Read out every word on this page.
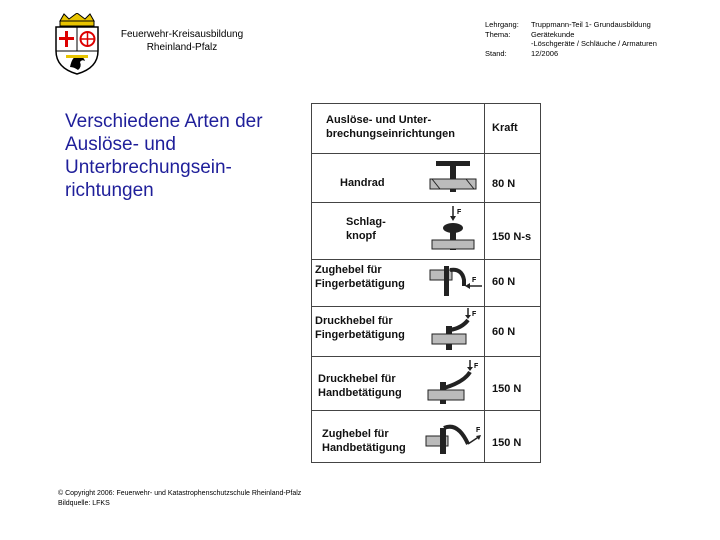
Feuerwehr-Kreisausbildung
Rheinland-Pfalz
Lehrgang:	Truppmann-Teil 1- Grundausbildung
Thema:	Gerätekunde
-Löschgeräte / Schläuche / Armaturen
Stand:	12/2006
Verschiedene Arten der Auslöse- und Unterbrechungsein-richtungen
Auslöse- und Unter-
brechungseinrichtungen	Kraft
Handrad	80 N
Schlag-
knopf	150 N-s
F
Zughebel für
Fingerbetätigung	60 N
F
Druckhebel für
Fingerbetätigung	60 N
F
Druckhebel für
Handbetätigung	150 N
F
Zughebel für
Handbetätigung	150 N
F
© Copyright 2006: Feuerwehr- und Katastrophenschutzschule Rheinland-Pfalz
Bildquelle: LFKS
